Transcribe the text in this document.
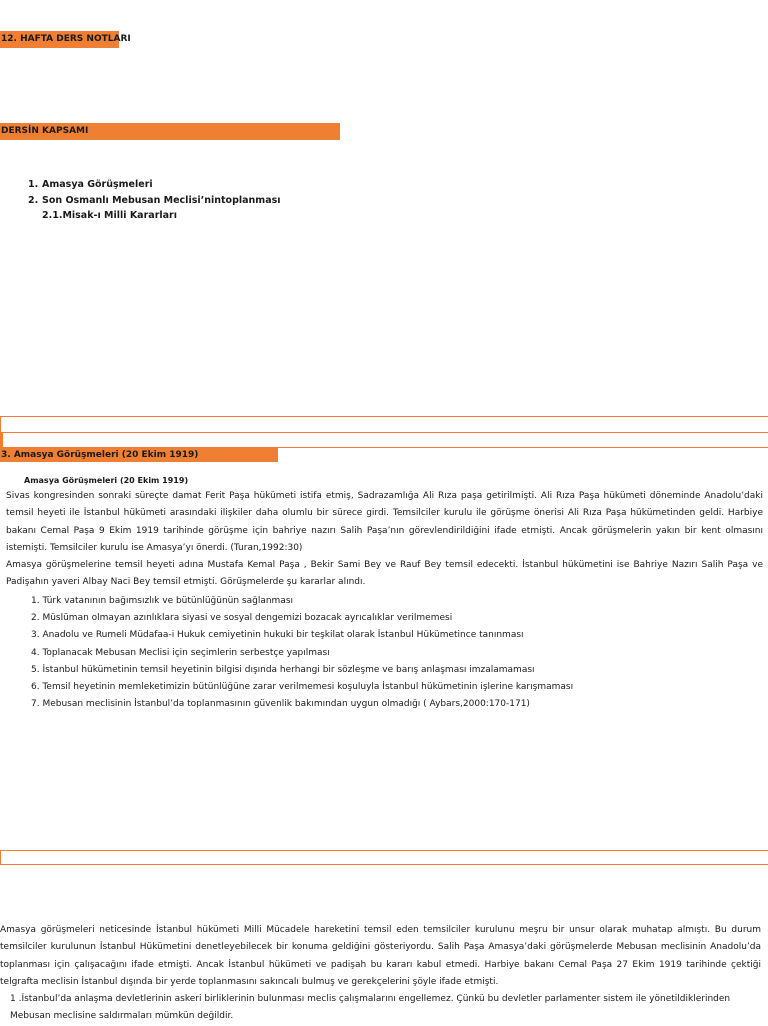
12. HAFTA DERS NOTLARI
DERSİN KAPSAMI
1. Amasya Görüşmeleri
2. Son Osmanlı Mebusan Meclisi’nintoplanması
2.1.Misak-ı Milli Kararları
3. Amasya Görüşmeleri (20 Ekim 1919)
Amasya Görüşmeleri (20 Ekim 1919)

Sivas kongresinden sonraki süreçte damat Ferit Paşa hükümeti istifa etmiş, Sadrazamlığa Ali Rıza paşa getirilmişti. Ali Rıza Paşa hükümeti döneminde Anadolu’daki temsil heyeti ile İstanbul hükümeti arasındaki ilişkiler daha olumlu bir sürece girdi. Temsilciler kurulu ile görüşme önerisi Ali Rıza Paşa hükümetinden geldi. Harbiye bakanı Cemal Paşa 9 Ekim 1919 tarihinde görüşme için bahriye nazırı Salih Paşa’nın görevlendirildiğini ifade etmişti. Ancak görüşmelerin yakın bir kent olmasını istemişti. Temsilciler kurulu ise Amasya’yı önerdi. (Turan,1992:30)

Amasya görüşmelerine temsil heyeti adına Mustafa Kemal Paşa , Bekir Sami Bey ve Rauf Bey temsil edecekti. İstanbul hükümetini ise Bahriye Nazırı Salih Paşa ve Padişahın yaveri Albay Naci Bey temsil etmişti. Görüşmelerde şu kararlar alındı.

1. Türk vatanının bağımsızlık ve bütünlüğünün sağlanması
2. Müslüman olmayan azınlıklara siyasi ve sosyal dengemizi bozacak ayrıcalıklar verilmemesi
3. Anadolu ve Rumeli Müdafaa-i Hukuk cemiyetinin hukuki bir teşkilat olarak İstanbul Hükümetince tanınması
4. Toplanacak Mebusan Meclisi için seçimlerin serbestçe yapılması
5. İstanbul hükümetinin temsil heyetinin bilgisi dışında herhangi bir sözleşme ve barış anlaşması imzalamaması
6. Temsil heyetinin memleketimizin bütünlüğüne zarar verilmemesi koşuluyla İstanbul hükümetinin işlerine karışmaması
7. Mebusan meclisinin İstanbul’da toplanmasının güvenlik bakımından uygun olmadığı ( Aybars,2000:170-171)

Amasya görüşmeleri neticesinde İstanbul hükümeti Milli Mücadele hareketini temsil eden temsilciler kurulunu meşru bir unsur olarak muhatap almıştı. Bu durum temsilciler kurulunun İstanbul Hükümetini denetleyebilecek bir konuma geldiğini gösteriyordu. Salih Paşa Amasya’daki görüşmelerde Mebusan meclisinin Anadolu’da toplanması için çalışacağını ifade etmişti. Ancak İstanbul hükümeti ve padişah bu kararı kabul etmedi. Harbiye bakanı Cemal Paşa 27 Ekim 1919 tarihinde çektiği telgrafta meclisin İstanbul dışında bir yerde toplanmasını sakıncalı bulmuş ve gerekçelerini şöyle ifade etmişti.

1 .İstanbul’da anlaşma devletlerinin askeri birliklerinin bulunması meclis çalışmalarını engellemez. Çünkü bu devletler parlamenter sistem ile yönetildiklerinden
Mebusan meclisine saldırmaları mümkün değildir.
